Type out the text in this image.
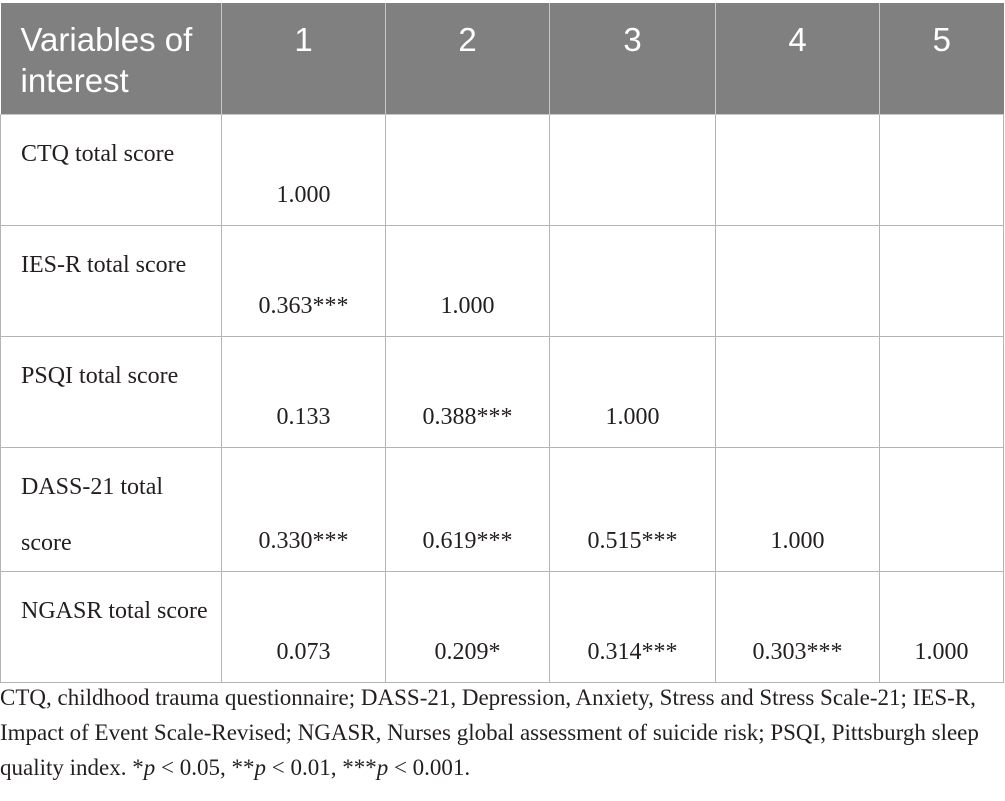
Variables of interest	1	2	3	4	5
CTQ total score	1.000				
IES-R total score	0.363***	1.000			
PSQI total score	0.133	0.388***	1.000		
DASS-21 total score	0.330***	0.619***	0.515***	1.000	
NGASR total score	0.073	0.209*	0.314***	0.303***	1.000
CTQ, childhood trauma questionnaire; DASS-21, Depression, Anxiety, Stress and Stress Scale-21; IES-R, Impact of Event Scale-Revised; NGASR, Nurses global assessment of suicide risk; PSQI, Pittsburgh sleep quality index. *p < 0.05, **p < 0.01, ***p < 0.001.
